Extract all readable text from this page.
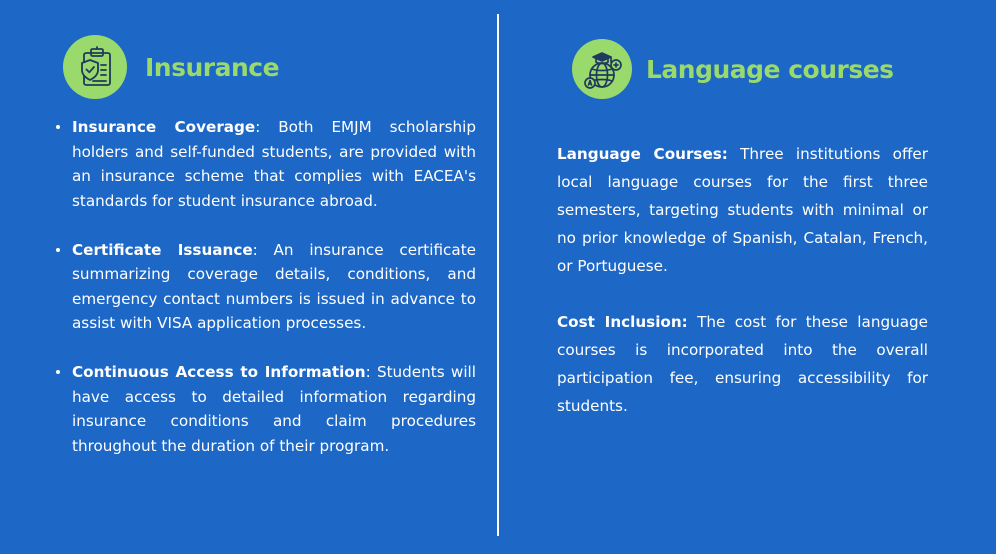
Insurance
Insurance Coverage: Both EMJM scholarship holders and self-funded students, are provided with an insurance scheme that complies with EACEA's standards for student insurance abroad.
Certificate Issuance: An insurance certificate summarizing coverage details, conditions, and emergency contact numbers is issued in advance to assist with VISA application processes.
Continuous Access to Information: Students will have access to detailed information regarding insurance conditions and claim procedures throughout the duration of their program.
Language courses

Language Courses: Three institutions offer local language courses for the first three semesters, targeting students with minimal or no prior knowledge of Spanish, Catalan, French, or Portuguese.

Cost Inclusion: The cost for these language courses is incorporated into the overall participation fee, ensuring accessibility for students.
